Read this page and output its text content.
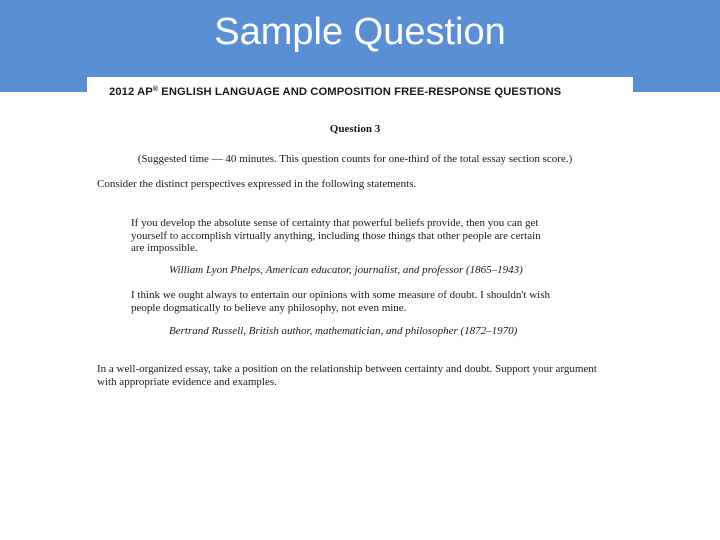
Sample Question

2012 AP® ENGLISH LANGUAGE AND COMPOSITION FREE-RESPONSE QUESTIONS

Question 3

(Suggested time — 40 minutes. This question counts for one-third of the total essay section score.)

Consider the distinct perspectives expressed in the following statements.

If you develop the absolute sense of certainty that powerful beliefs provide, then you can get yourself to accomplish virtually anything, including those things that other people are certain are impossible.

William Lyon Phelps, American educator, journalist, and professor (1865–1943)

I think we ought always to entertain our opinions with some measure of doubt. I shouldn't wish people dogmatically to believe any philosophy, not even mine.

Bertrand Russell, British author, mathematician, and philosopher (1872–1970)

In a well-organized essay, take a position on the relationship between certainty and doubt. Support your argument with appropriate evidence and examples.
